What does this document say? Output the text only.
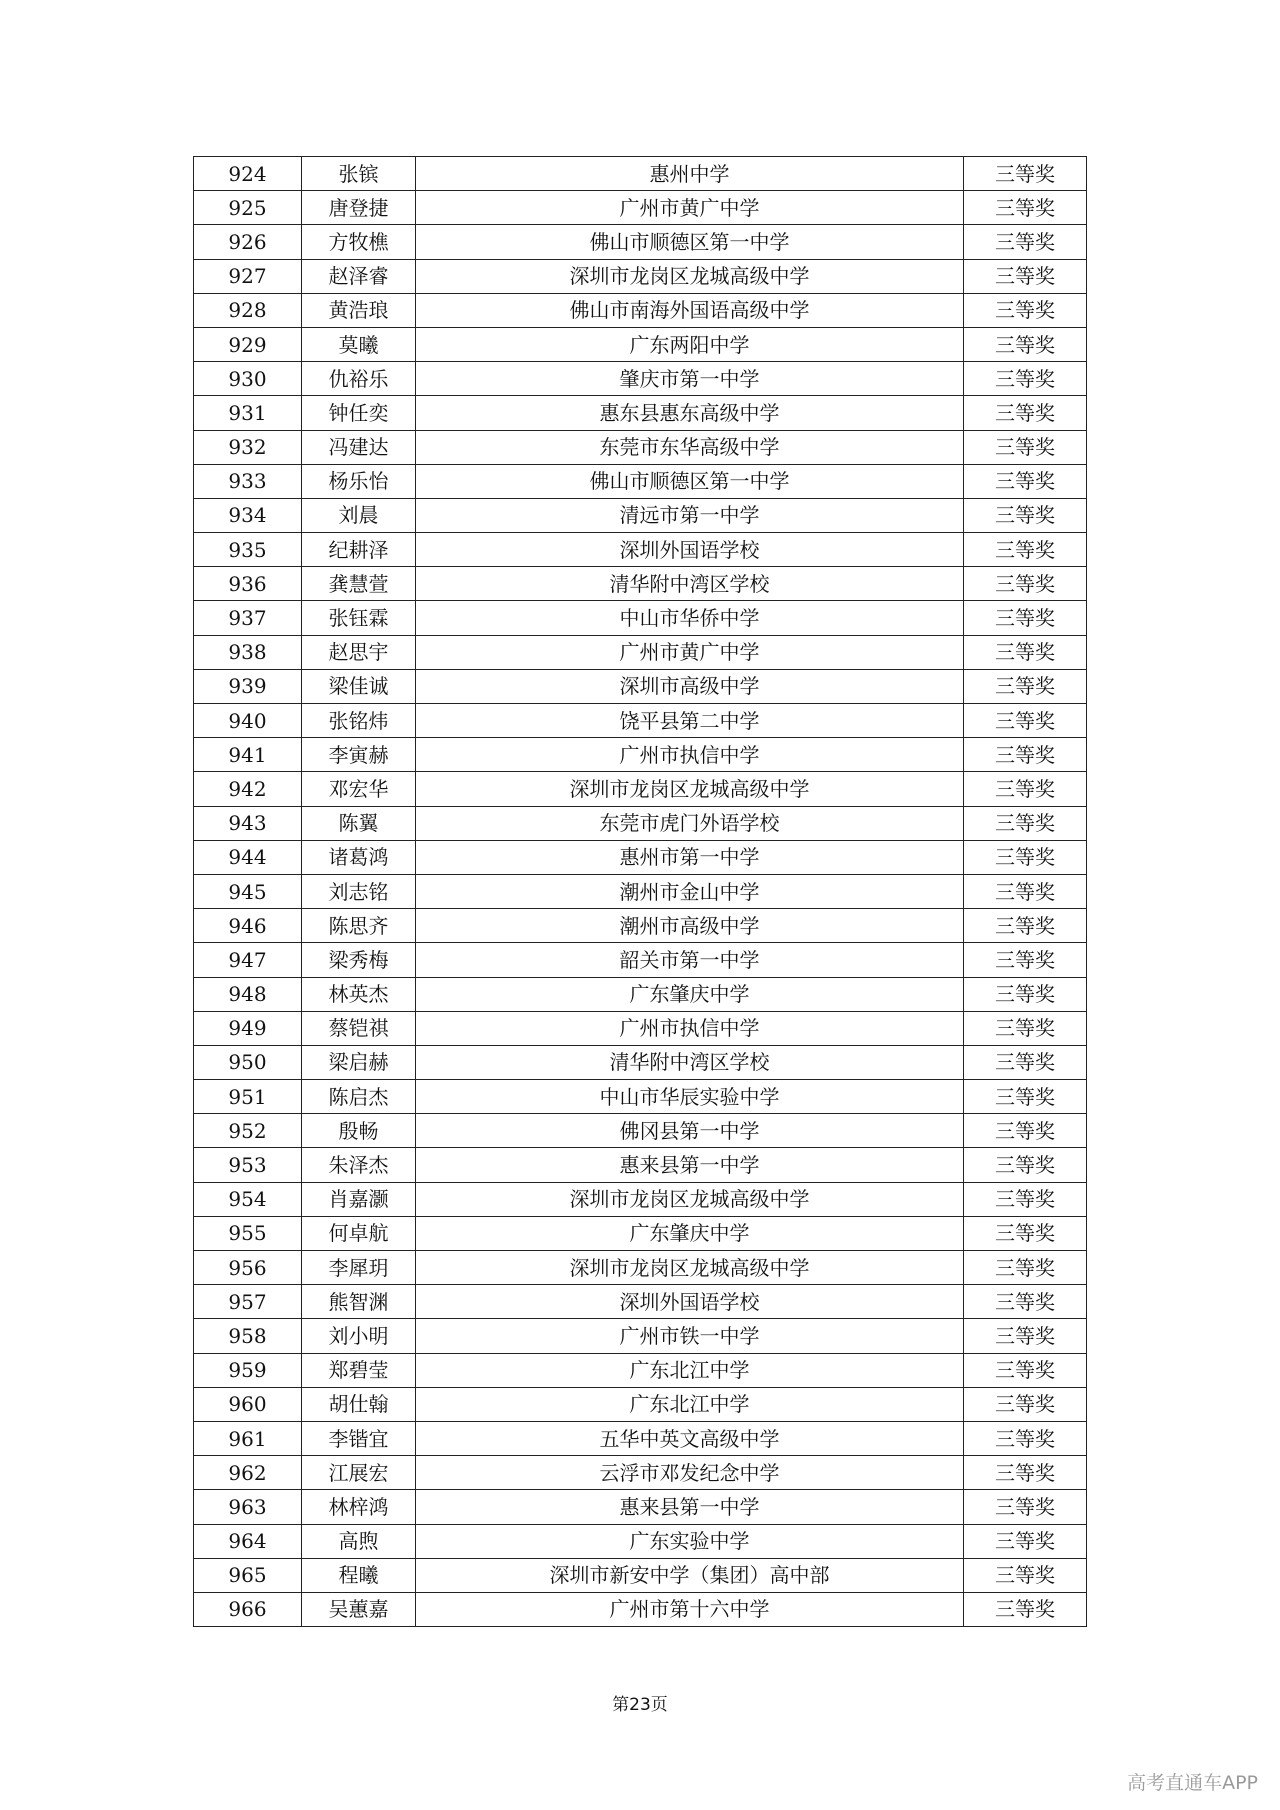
924	张镔	惠州中学	三等奖
925	唐登捷	广州市黄广中学	三等奖
926	方牧樵	佛山市顺德区第一中学	三等奖
927	赵泽睿	深圳市龙岗区龙城高级中学	三等奖
928	黄浩琅	佛山市南海外国语高级中学	三等奖
929	莫曦	广东两阳中学	三等奖
930	仇裕乐	肇庆市第一中学	三等奖
931	钟任奕	惠东县惠东高级中学	三等奖
932	冯建达	东莞市东华高级中学	三等奖
933	杨乐怡	佛山市顺德区第一中学	三等奖
934	刘晨	清远市第一中学	三等奖
935	纪耕泽	深圳外国语学校	三等奖
936	龚慧萱	清华附中湾区学校	三等奖
937	张钰霖	中山市华侨中学	三等奖
938	赵思宇	广州市黄广中学	三等奖
939	梁佳诚	深圳市高级中学	三等奖
940	张铭炜	饶平县第二中学	三等奖
941	李寅赫	广州市执信中学	三等奖
942	邓宏华	深圳市龙岗区龙城高级中学	三等奖
943	陈翼	东莞市虎门外语学校	三等奖
944	诸葛鸿	惠州市第一中学	三等奖
945	刘志铭	潮州市金山中学	三等奖
946	陈思齐	潮州市高级中学	三等奖
947	梁秀梅	韶关市第一中学	三等奖
948	林英杰	广东肇庆中学	三等奖
949	蔡铠祺	广州市执信中学	三等奖
950	梁启赫	清华附中湾区学校	三等奖
951	陈启杰	中山市华辰实验中学	三等奖
952	殷畅	佛冈县第一中学	三等奖
953	朱泽杰	惠来县第一中学	三等奖
954	肖嘉灏	深圳市龙岗区龙城高级中学	三等奖
955	何卓航	广东肇庆中学	三等奖
956	李犀玥	深圳市龙岗区龙城高级中学	三等奖
957	熊智渊	深圳外国语学校	三等奖
958	刘小明	广州市铁一中学	三等奖
959	郑碧莹	广东北江中学	三等奖
960	胡仕翰	广东北江中学	三等奖
961	李锴宜	五华中英文高级中学	三等奖
962	江展宏	云浮市邓发纪念中学	三等奖
963	林梓鸿	惠来县第一中学	三等奖
964	高煦	广东实验中学	三等奖
965	程曦	深圳市新安中学（集团）高中部	三等奖
966	吴蕙嘉	广州市第十六中学	三等奖
第23页
高考直通车APP
